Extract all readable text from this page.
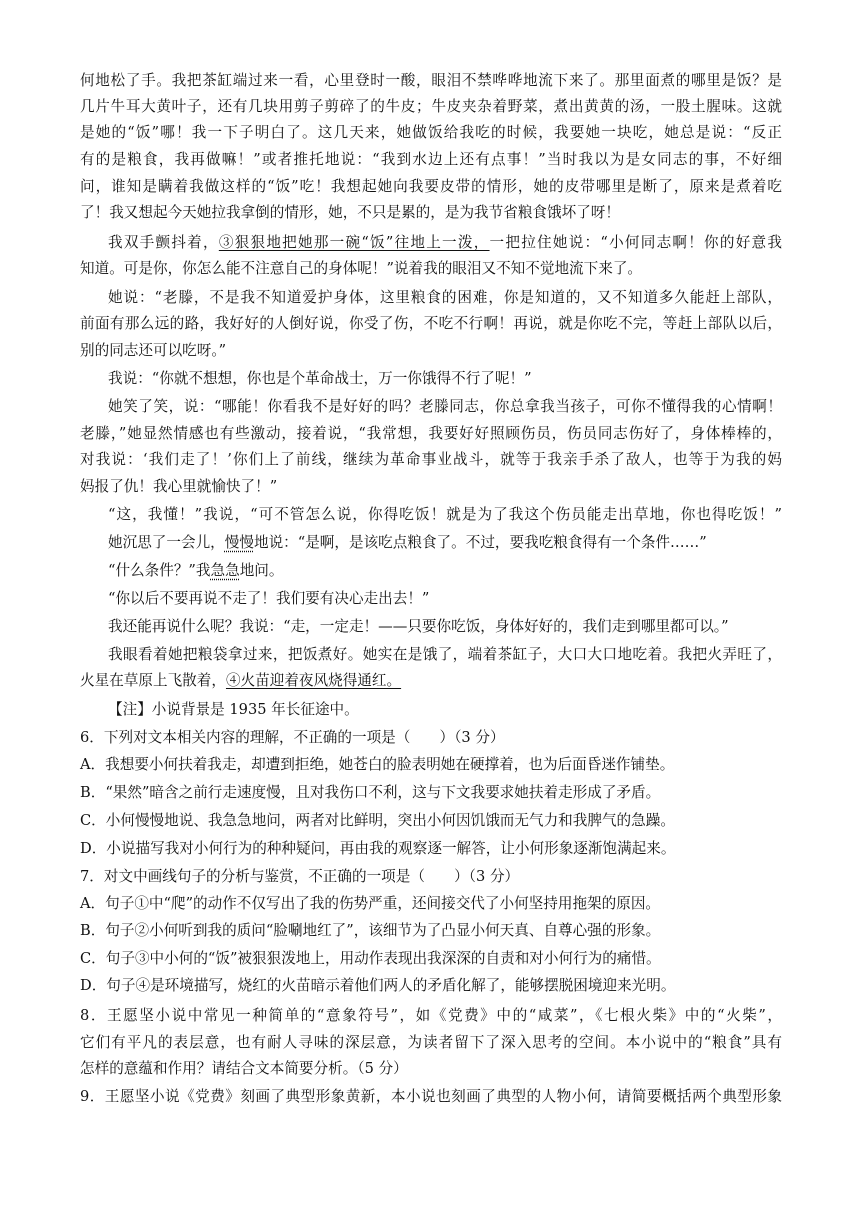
何地松了手。我把茶缸端过来一看，心里登时一酸，眼泪不禁哗哗地流下来了。那里面煮的哪里是饭？是
几片牛耳大黄叶子，还有几块用剪子剪碎了的牛皮；牛皮夹杂着野菜，煮出黄黄的汤，一股土腥味。这就
是她的“饭”哪！我一下子明白了。这几天来，她做饭给我吃的时候，我要她一块吃，她总是说：“反正
有的是粮食，我再做嘛！”或者推托地说：“我到水边上还有点事！”当时我以为是女同志的事，不好细
问，谁知是瞒着我做这样的“饭”吃！我想起她向我要皮带的情形，她的皮带哪里是断了，原来是煮着吃
了！我又想起今天她拉我拿倒的情形，她，不只是累的，是为我节省粮食饿坏了呀！
我双手颤抖着，③狠狠地把她那一碗“饭”往地上一泼，一把拉住她说：“小何同志啊！你的好意我
知道。可是你，你怎么能不注意自己的身体呢！”说着我的眼泪又不知不觉地流下来了。
她说：“老滕，不是我不知道爱护身体，这里粮食的困难，你是知道的，又不知道多久能赶上部队，
前面有那么远的路，我好好的人倒好说，你受了伤，不吃不行啊！再说，就是你吃不完，等赶上部队以后，
别的同志还可以吃呀。”
我说：“你就不想想，你也是个革命战士，万一你饿得不行了呢！”
她笑了笑，说：“哪能！你看我不是好好的吗？老滕同志，你总拿我当孩子，可你不懂得我的心情啊！
老滕，”她显然情感也有些激动，接着说，“我常想，我要好好照顾伤员，伤员同志伤好了，身体棒棒的，
对我说：‘我们走了！’你们上了前线，继续为革命事业战斗，就等于我亲手杀了敌人，也等于为我的妈
妈报了仇！我心里就愉快了！”
“这，我懂！”我说，“可不管怎么说，你得吃饭！就是为了我这个伤员能走出草地，你也得吃饭！”
她沉思了一会儿，慢慢地说：“是啊，是该吃点粮食了。不过，要我吃粮食得有一个条件……”
“什么条件？”我急急地问。
“你以后不要再说不走了！我们要有决心走出去！”
我还能再说什么呢？我说：“走，一定走！——只要你吃饭，身体好好的，我们走到哪里都可以。”
我眼看着她把粮袋拿过来，把饭煮好。她实在是饿了，端着茶缸子，大口大口地吃着。我把火弄旺了，
火星在草原上飞散着，④火苗迎着夜风烧得通红。
【注】小说背景是 1935 年长征途中。
6．下列对文本相关内容的理解，不正确的一项是（　　）（3 分）
A．我想要小何扶着我走，却遭到拒绝，她苍白的脸表明她在硬撑着，也为后面昏迷作铺垫。
B．“果然”暗含之前行走速度慢，且对我伤口不利，这与下文我要求她扶着走形成了矛盾。
C．小何慢慢地说、我急急地问，两者对比鲜明，突出小何因饥饿而无气力和我脾气的急躁。
D．小说描写我对小何行为的种种疑问，再由我的观察逐一解答，让小何形象逐渐饱满起来。
7．对文中画线句子的分析与鉴赏，不正确的一项是（　　）（3 分）
A．句子①中“爬”的动作不仅写出了我的伤势严重，还间接交代了小何坚持用拖架的原因。
B．句子②小何听到我的质问“脸唰地红了”，该细节为了凸显小何天真、自尊心强的形象。
C．句子③中小何的“饭”被狠狠泼地上，用动作表现出我深深的自责和对小何行为的痛惜。
D．句子④是环境描写，烧红的火苗暗示着他们两人的矛盾化解了，能够摆脱困境迎来光明。
8．王愿坚小说中常见一种简单的“意象符号”，如《党费》中的“咸菜”，《七根火柴》中的“火柴”，
它们有平凡的表层意，也有耐人寻味的深层意，为读者留下了深入思考的空间。本小说中的“粮食”具有
怎样的意蕴和作用？请结合文本简要分析。（5 分）
9．王愿坚小说《党费》刻画了典型形象黄新，本小说也刻画了典型的人物小何，请简要概括两个典型形象
